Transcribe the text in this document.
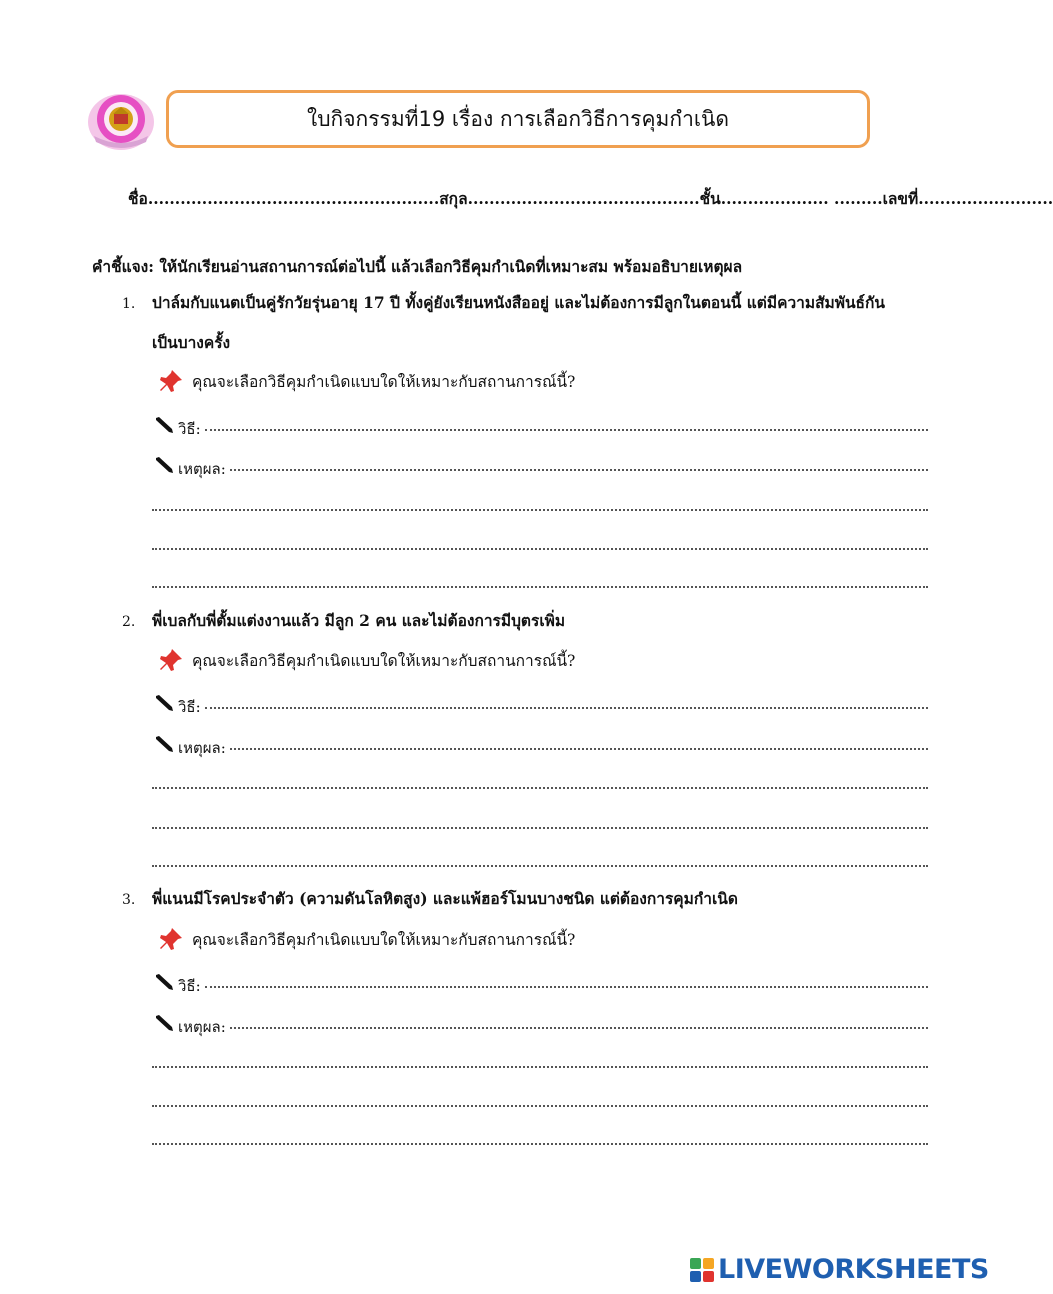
ใบกิจกรรมที่19 เรื่อง การเลือกวิธีการคุมกำเนิด
ชื่อ......................................................สกุล...........................................ชั้น.................... .........เลขที่.........................
คำชี้แจง: ให้นักเรียนอ่านสถานการณ์ต่อไปนี้ แล้วเลือกวิธีคุมกำเนิดที่เหมาะสม พร้อมอธิบายเหตุผล
1. ปาล์มกับแนตเป็นคู่รักวัยรุ่นอายุ 17 ปี ทั้งคู่ยังเรียนหนังสืออยู่ และไม่ต้องการมีลูกในตอนนี้ แต่มีความสัมพันธ์กัน
เป็นบางครั้ง
คุณจะเลือกวิธีคุมกำเนิดแบบใดให้เหมาะกับสถานการณ์นี้?
วิธี:
เหตุผล:
2. พี่เบลกับพี่ตั้มแต่งงานแล้ว มีลูก 2 คน และไม่ต้องการมีบุตรเพิ่ม
คุณจะเลือกวิธีคุมกำเนิดแบบใดให้เหมาะกับสถานการณ์นี้?
วิธี:
เหตุผล:
3. พี่แนนมีโรคประจำตัว (ความดันโลหิตสูง) และแพ้ฮอร์โมนบางชนิด แต่ต้องการคุมกำเนิด
คุณจะเลือกวิธีคุมกำเนิดแบบใดให้เหมาะกับสถานการณ์นี้?
วิธี:
เหตุผล:
LIVEWORKSHEETS
